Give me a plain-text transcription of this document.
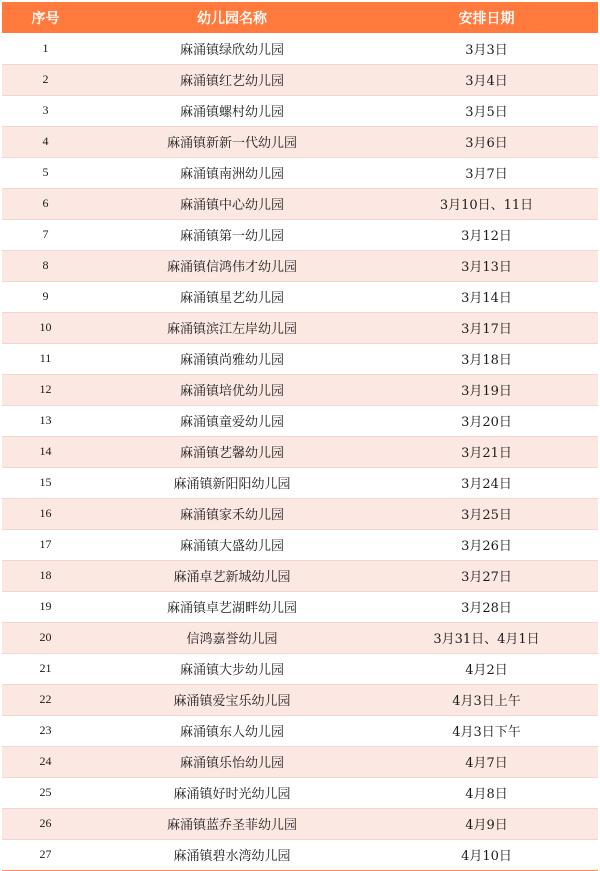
序号	幼儿园名称	安排日期
1	麻涌镇绿欣幼儿园	3月3日
2	麻涌镇红艺幼儿园	3月4日
3	麻涌镇螺村幼儿园	3月5日
4	麻涌镇新新一代幼儿园	3月6日
5	麻涌镇南洲幼儿园	3月7日
6	麻涌镇中心幼儿园	3月10日、11日
7	麻涌镇第一幼儿园	3月12日
8	麻涌镇信鸿伟才幼儿园	3月13日
9	麻涌镇星艺幼儿园	3月14日
10	麻涌镇滨江左岸幼儿园	3月17日
11	麻涌镇尚雅幼儿园	3月18日
12	麻涌镇培优幼儿园	3月19日
13	麻涌镇童爱幼儿园	3月20日
14	麻涌镇艺馨幼儿园	3月21日
15	麻涌镇新阳阳幼儿园	3月24日
16	麻涌镇家禾幼儿园	3月25日
17	麻涌镇大盛幼儿园	3月26日
18	麻涌卓艺新城幼儿园	3月27日
19	麻涌镇卓艺湖畔幼儿园	3月28日
20	信鸿嘉誉幼儿园	3月31日、4月1日
21	麻涌镇大步幼儿园	4月2日
22	麻涌镇爱宝乐幼儿园	4月3日上午
23	麻涌镇东人幼儿园	4月3日下午
24	麻涌镇乐怡幼儿园	4月7日
25	麻涌镇好时光幼儿园	4月8日
26	麻涌镇蓝乔圣菲幼儿园	4月9日
27	麻涌镇碧水湾幼儿园	4月10日
